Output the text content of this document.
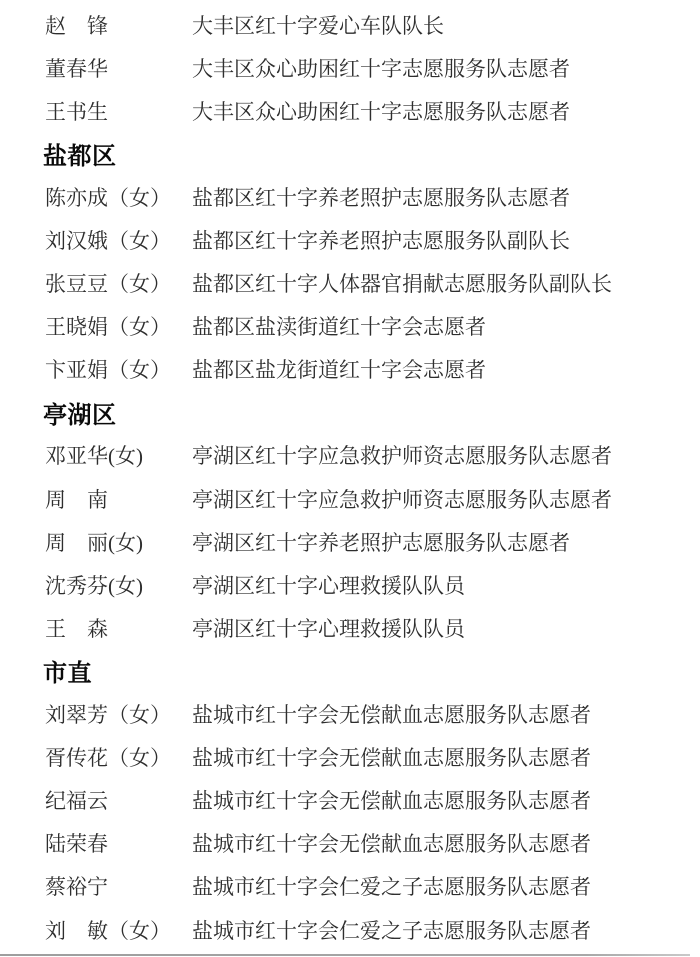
赵　锋	大丰区红十字爱心车队队长
董春华	大丰区众心助困红十字志愿服务队志愿者
王书生	大丰区众心助困红十字志愿服务队志愿者
盐都区
陈亦成（女）	盐都区红十字养老照护志愿服务队志愿者
刘汉娥（女）	盐都区红十字养老照护志愿服务队副队长
张豆豆（女）	盐都区红十字人体器官捐献志愿服务队副队长
王晓娟（女）	盐都区盐渎街道红十字会志愿者
卞亚娟（女）	盐都区盐龙街道红十字会志愿者
亭湖区
邓亚华(女)	亭湖区红十字应急救护师资志愿服务队志愿者
周　南	亭湖区红十字应急救护师资志愿服务队志愿者
周　丽(女)	亭湖区红十字养老照护志愿服务队志愿者
沈秀芬(女)	亭湖区红十字心理救援队队员
王　森	亭湖区红十字心理救援队队员
市直
刘翠芳（女）	盐城市红十字会无偿献血志愿服务队志愿者
胥传花（女）	盐城市红十字会无偿献血志愿服务队志愿者
纪福云	盐城市红十字会无偿献血志愿服务队志愿者
陆荣春	盐城市红十字会无偿献血志愿服务队志愿者
蔡裕宁	盐城市红十字会仁爱之子志愿服务队志愿者
刘　敏（女）	盐城市红十字会仁爱之子志愿服务队志愿者
